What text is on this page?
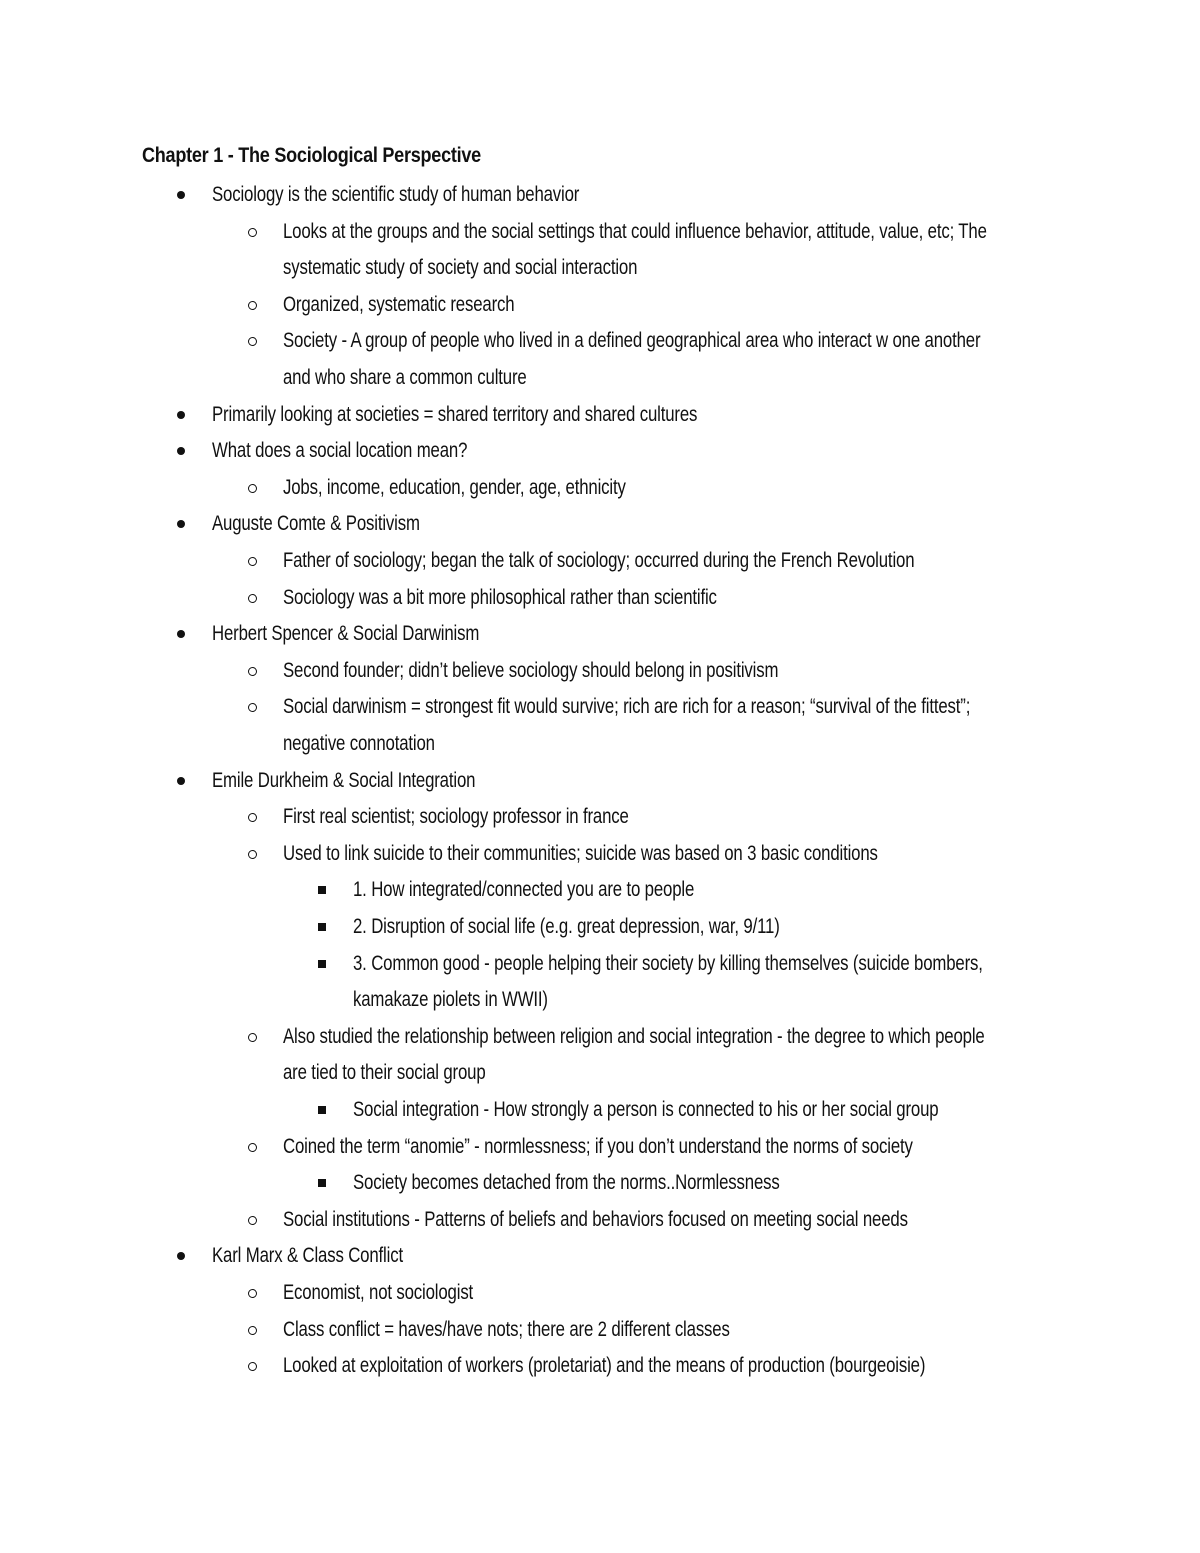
Chapter 1 - The Sociological Perspective
Sociology is the scientific study of human behavior
Looks at the groups and the social settings that could influence behavior, attitude, value, etc; The
systematic study of society and social interaction
Organized, systematic research
Society - A group of people who lived in a defined geographical area who interact w one another
and who share a common culture
Primarily looking at societies = shared territory and shared cultures
What does a social location mean?
Jobs, income, education, gender, age, ethnicity
Auguste Comte & Positivism
Father of sociology; began the talk of sociology; occurred during the French Revolution
Sociology was a bit more philosophical rather than scientific
Herbert Spencer & Social Darwinism
Second founder; didn’t believe sociology should belong in positivism
Social darwinism = strongest fit would survive; rich are rich for a reason; “survival of the fittest”;
negative connotation
Emile Durkheim & Social Integration
First real scientist; sociology professor in france
Used to link suicide to their communities; suicide was based on 3 basic conditions
1. How integrated/connected you are to people
2. Disruption of social life (e.g. great depression, war, 9/11)
3. Common good - people helping their society by killing themselves (suicide bombers,
kamakaze piolets in WWII)
Also studied the relationship between religion and social integration - the degree to which people
are tied to their social group
Social integration - How strongly a person is connected to his or her social group
Coined the term “anomie” - normlessness; if you don’t understand the norms of society
Society becomes detached from the norms..Normlessness
Social institutions - Patterns of beliefs and behaviors focused on meeting social needs
Karl Marx & Class Conflict
Economist, not sociologist
Class conflict = haves/have nots; there are 2 different classes
Looked at exploitation of workers (proletariat) and the means of production (bourgeoisie)
